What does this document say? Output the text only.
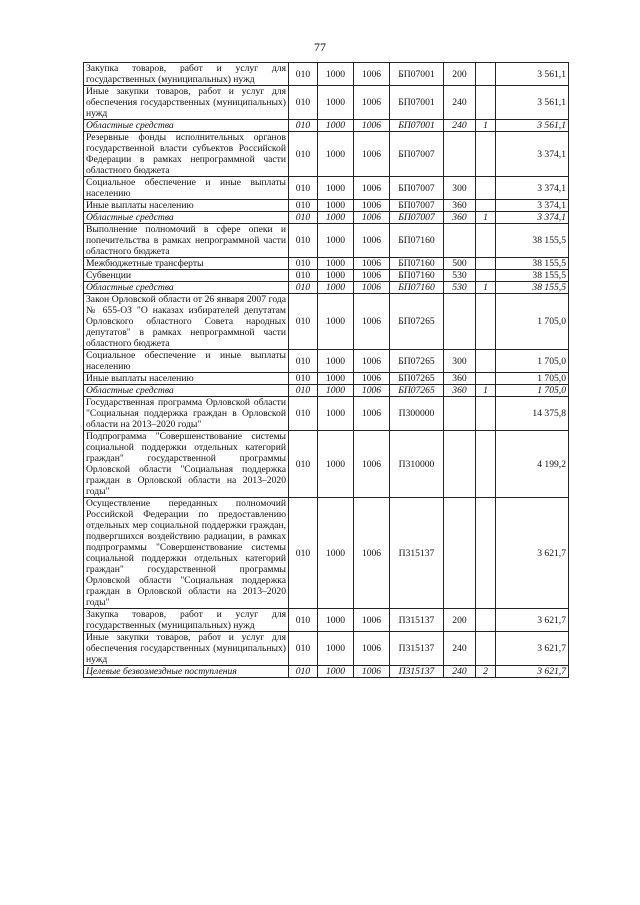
77
Закупка товаров, работ и услуг для государственных (муниципальных) нужд	010	1000	1006	БП07001	200		3 561,1
Иные закупки товаров, работ и услуг для обеспечения государственных (муниципальных) нужд	010	1000	1006	БП07001	240		3 561,1
Областные средства	010	1000	1006	БП07001	240	1	3 561,1
Резервные фонды исполнительных органов государственной власти субъектов Российской Федерации в рамках непрограммной части областного бюджета	010	1000	1006	БП07007			3 374,1
Социальное обеспечение и иные выплаты населению	010	1000	1006	БП07007	300		3 374,1
Иные выплаты населению	010	1000	1006	БП07007	360		3 374,1
Областные средства	010	1000	1006	БП07007	360	1	3 374,1
Выполнение полномочий в сфере опеки и попечительства в рамках непрограммной части областного бюджета	010	1000	1006	БП07160			38 155,5
Межбюджетные трансферты	010	1000	1006	БП07160	500		38 155,5
Субвенции	010	1000	1006	БП07160	530		38 155,5
Областные средства	010	1000	1006	БП07160	530	1	38 155,5
Закон Орловской области от 26 января 2007 года № 655-ОЗ "О наказах избирателей депутатам Орловского областного Совета народных депутатов" в рамках непрограммной части областного бюджета	010	1000	1006	БП07265			1 705,0
Социальное обеспечение и иные выплаты населению	010	1000	1006	БП07265	300		1 705,0
Иные выплаты населению	010	1000	1006	БП07265	360		1 705,0
Областные средства	010	1000	1006	БП07265	360	1	1 705,0
Государственная программа Орловской области "Социальная поддержка граждан в Орловской области на 2013–2020 годы"	010	1000	1006	П300000			14 375,8
Подпрограмма "Совершенствование системы социальной поддержки отдельных категорий граждан" государственной программы Орловской области "Социальная поддержка граждан в Орловской области на 2013–2020 годы"	010	1000	1006	П310000			4 199,2
Осуществление переданных полномочий Российской Федерации по предоставлению отдельных мер социальной поддержки граждан, подвергшихся воздействию радиации, в рамках подпрограммы "Совершенствование системы социальной поддержки отдельных категорий граждан" государственной программы Орловской области "Социальная поддержка граждан в Орловской области на 2013–2020 годы"	010	1000	1006	П315137			3 621,7
Закупка товаров, работ и услуг для государственных (муниципальных) нужд	010	1000	1006	П315137	200		3 621,7
Иные закупки товаров, работ и услуг для обеспечения государственных (муниципальных) нужд	010	1000	1006	П315137	240		3 621,7
Целевые безвозмездные поступления	010	1000	1006	П315137	240	2	3 621,7
